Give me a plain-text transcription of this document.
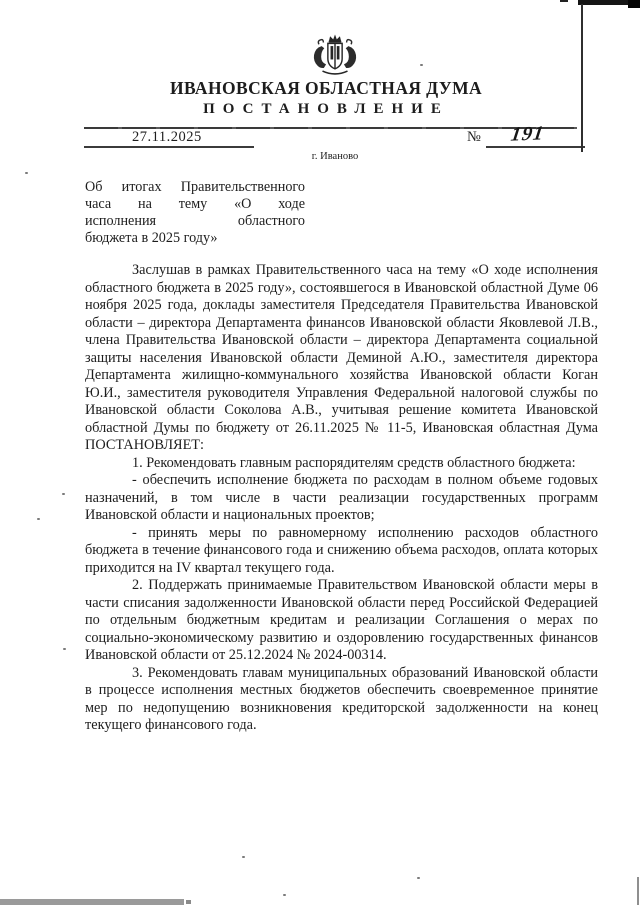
ИВАНОВСКАЯ ОБЛАСТНАЯ ДУМА
ПОСТАНОВЛЕНИЕ
27.11.2025	№ 191
г. Иваново
Об итогах Правительственного
часа на тему «О ходе
исполнения областного
бюджета в 2025 году»

Заслушав в рамках Правительственного часа на тему «О ходе исполнения областного бюджета в 2025 году», состоявшегося в Ивановской областной Думе 06 ноября 2025 года, доклады заместителя Председателя Правительства Ивановской области – директора Департамента финансов Ивановской области Яковлевой Л.В., члена Правительства Ивановской области – директора Департамента социальной защиты населения Ивановской области Деминой А.Ю., заместителя директора Департамента жилищно-коммунального хозяйства Ивановской области Коган Ю.И., заместителя руководителя Управления Федеральной налоговой службы по Ивановской области Соколова А.В., учитывая решение комитета Ивановской областной Думы по бюджету от 26.11.2025 № 11-5, Ивановская областная Дума ПОСТАНОВЛЯЕТ:

1. Рекомендовать главным распорядителям средств областного бюджета:

- обеспечить исполнение бюджета по расходам в полном объеме годовых назначений, в том числе в части реализации государственных программ Ивановской области и национальных проектов;

- принять меры по равномерному исполнению расходов областного бюджета в течение финансового года и снижению объема расходов, оплата которых приходится на IV квартал текущего года.

2. Поддержать принимаемые Правительством Ивановской области меры в части списания задолженности Ивановской области перед Российской Федерацией по отдельным бюджетным кредитам и реализации Соглашения о мерах по социально-экономическому развитию и оздоровлению государственных финансов Ивановской области от 25.12.2024 № 2024-00314.

3. Рекомендовать главам муниципальных образований Ивановской области в процессе исполнения местных бюджетов обеспечить своевременное принятие мер по недопущению возникновения кредиторской задолженности на конец текущего финансового года.
